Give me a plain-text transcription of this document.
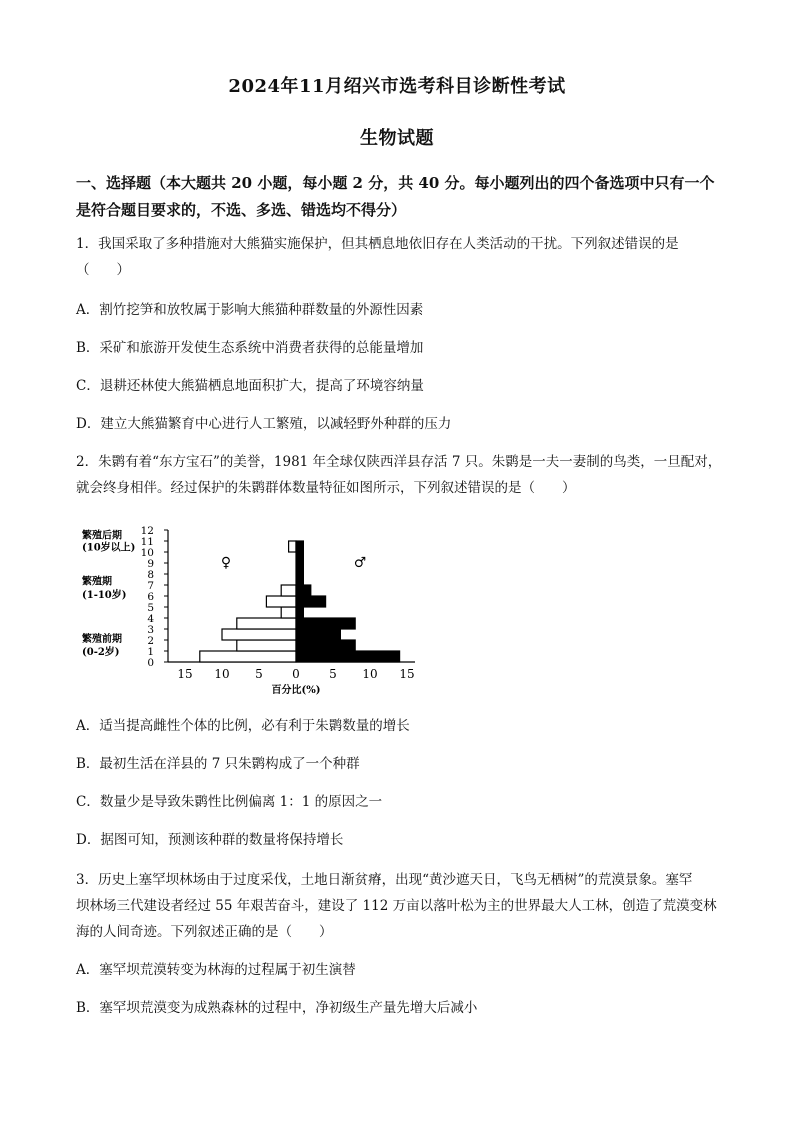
2024年11月绍兴市选考科目诊断性考试
生物试题
一、选择题（本大题共 20 小题，每小题 2 分，共 40 分。每小题列出的四个备选项中只有一个是符合题目要求的，不选、多选、错选均不得分）
1．我国采取了多种措施对大熊猫实施保护，但其栖息地依旧存在人类活动的干扰。下列叙述错误的是
（　　）
A．割竹挖笋和放牧属于影响大熊猫种群数量的外源性因素
B．采矿和旅游开发使生态系统中消费者获得的总能量增加
C．退耕还林使大熊猫栖息地面积扩大，提高了环境容纳量
D．建立大熊猫繁育中心进行人工繁殖，以减轻野外种群的压力
2．朱鹮有着“东方宝石”的美誉，1981 年全球仅陕西洋县存活 7 只。朱鹮是一夫一妻制的鸟类，一旦配对，
就会终身相伴。经过保护的朱鹮群体数量特征如图所示，下列叙述错误的是（　　）
0
1
2
3
4
5
6
7
8
9
10
11
12
繁殖后期
(10岁以上)
繁殖期
(1-10岁)
繁殖前期
(0-2岁)
15 10 5 0 5 10 15
百分比(%)
♀	♂
A．适当提高雌性个体的比例，必有利于朱鹮数量的增长
B．最初生活在洋县的 7 只朱鹮构成了一个种群
C．数量少是导致朱鹮性比例偏离 1：1 的原因之一
D．据图可知，预测该种群的数量将保持增长
3．历史上塞罕坝林场由于过度采伐，土地日渐贫瘠，出现“黄沙遮天日，飞鸟无栖树”的荒漠景象。塞罕
坝林场三代建设者经过 55 年艰苦奋斗，建设了 112 万亩以落叶松为主的世界最大人工林，创造了荒漠变林
海的人间奇迹。下列叙述正确的是（　　）
A．塞罕坝荒漠转变为林海的过程属于初生演替
B．塞罕坝荒漠变为成熟森林的过程中，净初级生产量先增大后减小
